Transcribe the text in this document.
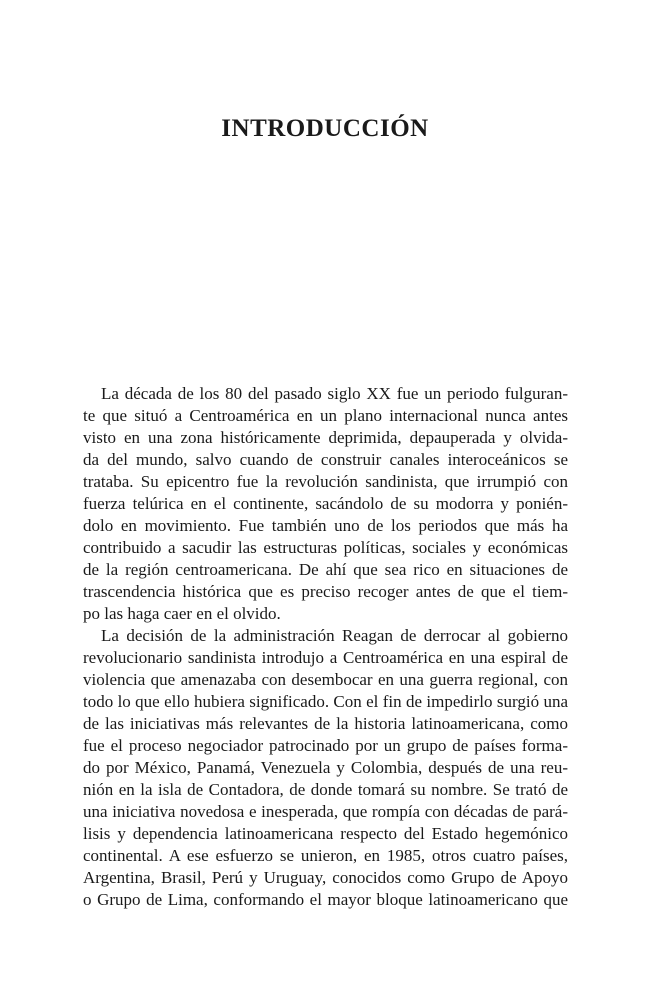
INTRODUCCIÓN

La década de los 80 del pasado siglo XX fue un periodo fulguran-
te que situó a Centroamérica en un plano internacional nunca antes
visto en una zona históricamente deprimida, depauperada y olvida-
da del mundo, salvo cuando de construir canales interoceánicos se
trataba. Su epicentro fue la revolución sandinista, que irrumpió con
fuerza telúrica en el continente, sacándolo de su modorra y ponién-
dolo en movimiento. Fue también uno de los periodos que más ha
contribuido a sacudir las estructuras políticas, sociales y económicas
de la región centroamericana. De ahí que sea rico en situaciones de
trascendencia histórica que es preciso recoger antes de que el tiem-
po las haga caer en el olvido.

La decisión de la administración Reagan de derrocar al gobierno
revolucionario sandinista introdujo a Centroamérica en una espiral de
violencia que amenazaba con desembocar en una guerra regional, con
todo lo que ello hubiera significado. Con el fin de impedirlo surgió una
de las iniciativas más relevantes de la historia latinoamericana, como
fue el proceso negociador patrocinado por un grupo de países forma-
do por México, Panamá, Venezuela y Colombia, después de una reu-
nión en la isla de Contadora, de donde tomará su nombre. Se trató de
una iniciativa novedosa e inesperada, que rompía con décadas de pará-
lisis y dependencia latinoamericana respecto del Estado hegemónico
continental. A ese esfuerzo se unieron, en 1985, otros cuatro países,
Argentina, Brasil, Perú y Uruguay, conocidos como Grupo de Apoyo
o Grupo de Lima, conformando el mayor bloque latinoamericano que
